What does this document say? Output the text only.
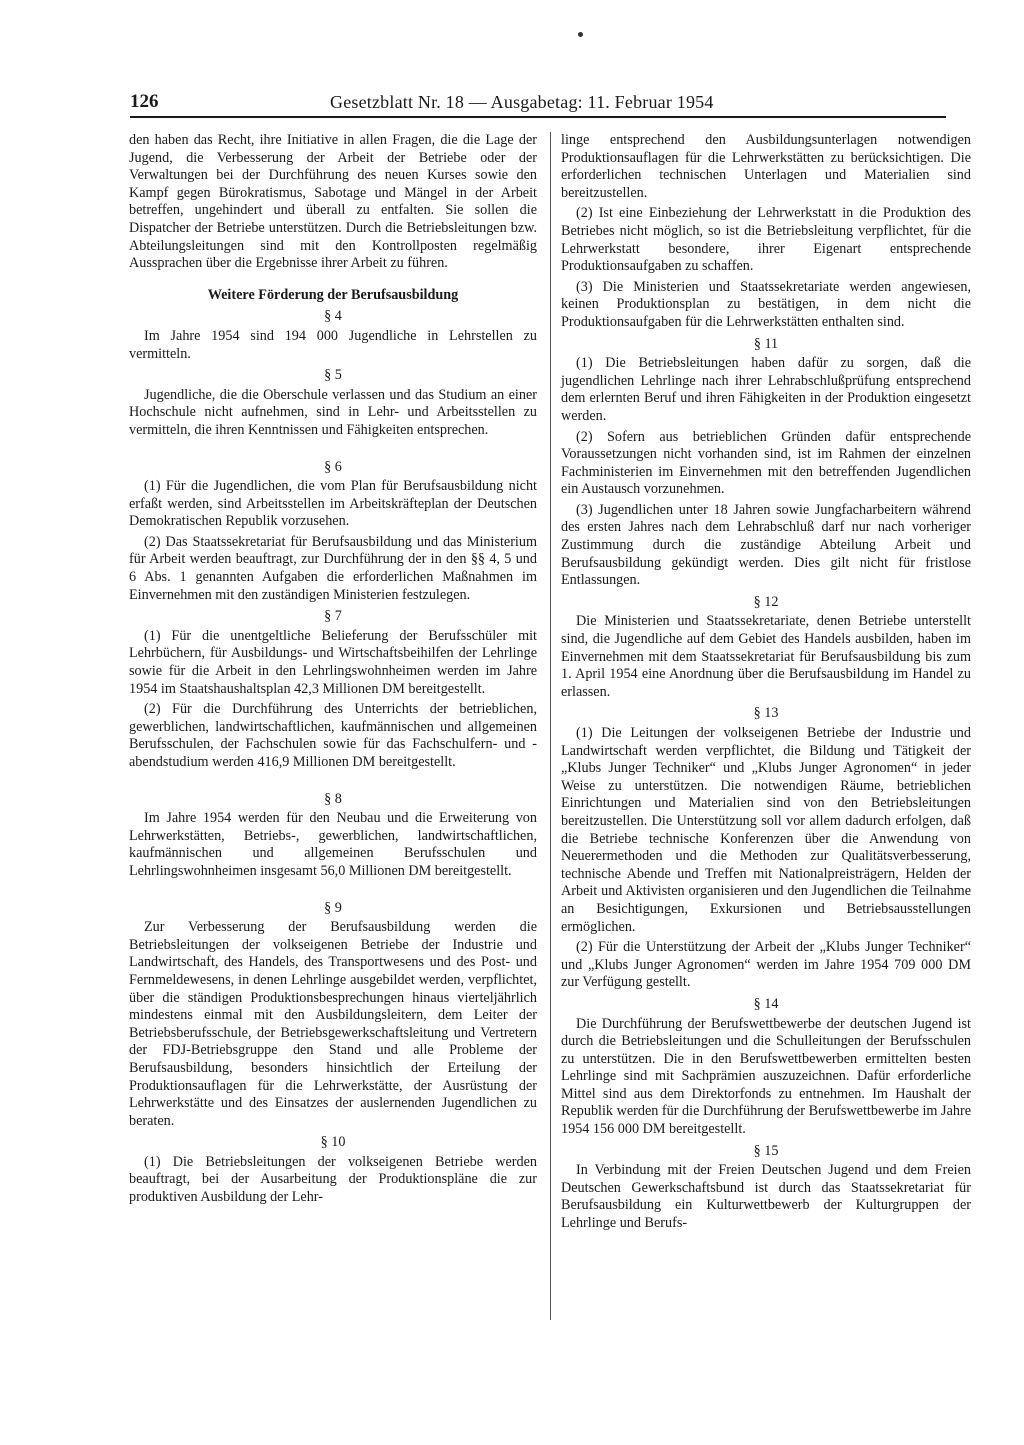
126	Gesetzblatt Nr. 18 — Ausgabetag: 11. Februar 1954

den haben das Recht, ihre Initiative in allen Fragen, die die Lage der Jugend, die Verbesserung der Arbeit der Betriebe oder der Verwaltungen bei der Durchführung des neuen Kurses sowie den Kampf gegen Bürokratismus, Sabotage und Mängel in der Arbeit betreffen, ungehindert und überall zu entfalten. Sie sollen die Dispatcher der Betriebe unterstützen. Durch die Betriebsleitungen bzw. Abteilungsleitungen sind mit den Kontrollposten regelmäßig Aussprachen über die Ergebnisse ihrer Arbeit zu führen.

Weitere Förderung der Berufsausbildung
§ 4

Im Jahre 1954 sind 194 000 Jugendliche in Lehrstellen zu vermitteln.

§ 5

Jugendliche, die die Oberschule verlassen und das Studium an einer Hochschule nicht aufnehmen, sind in Lehr- und Arbeitsstellen zu vermitteln, die ihren Kenntnissen und Fähigkeiten entsprechen.

§ 6

(1) Für die Jugendlichen, die vom Plan für Berufsausbildung nicht erfaßt werden, sind Arbeitsstellen im Arbeitskräfteplan der Deutschen Demokratischen Republik vorzusehen.

(2) Das Staatssekretariat für Berufsausbildung und das Ministerium für Arbeit werden beauftragt, zur Durchführung der in den §§ 4, 5 und 6 Abs. 1 genannten Aufgaben die erforderlichen Maßnahmen im Einvernehmen mit den zuständigen Ministerien festzulegen.

§ 7

(1) Für die unentgeltliche Belieferung der Berufsschüler mit Lehrbüchern, für Ausbildungs- und Wirtschaftsbeihilfen der Lehrlinge sowie für die Arbeit in den Lehrlingswohnheimen werden im Jahre 1954 im Staatshaushaltsplan 42,3 Millionen DM bereitgestellt.

(2) Für die Durchführung des Unterrichts der betrieblichen, gewerblichen, landwirtschaftlichen, kaufmännischen und allgemeinen Berufsschulen, der Fachschulen sowie für das Fachschulfern- und -abendstudium werden 416,9 Millionen DM bereitgestellt.

§ 8

Im Jahre 1954 werden für den Neubau und die Erweiterung von Lehrwerkstätten, Betriebs-, gewerblichen, landwirtschaftlichen, kaufmännischen und allgemeinen Berufsschulen und Lehrlingswohnheimen insgesamt 56,0 Millionen DM bereitgestellt.

§ 9

Zur Verbesserung der Berufsausbildung werden die Betriebsleitungen der volkseigenen Betriebe der Industrie und Landwirtschaft, des Handels, des Transportwesens und des Post- und Fernmeldewesens, in denen Lehrlinge ausgebildet werden, verpflichtet, über die ständigen Produktionsbesprechungen hinaus vierteljährlich mindestens einmal mit den Ausbildungsleitern, dem Leiter der Betriebsberufsschule, der Betriebsgewerkschaftsleitung und Vertretern der FDJ-Betriebsgruppe den Stand und alle Probleme der Berufsausbildung, besonders hinsichtlich der Erteilung der Produktionsauflagen für die Lehrwerkstätte, der Ausrüstung der Lehrwerkstätte und des Einsatzes der auslernenden Jugendlichen zu beraten.

§ 10

(1) Die Betriebsleitungen der volkseigenen Betriebe werden beauftragt, bei der Ausarbeitung der Produktionspläne die zur produktiven Ausbildung der Lehr-

linge entsprechend den Ausbildungsunterlagen notwendigen Produktionsauflagen für die Lehrwerkstätten zu berücksichtigen. Die erforderlichen technischen Unterlagen und Materialien sind bereitzustellen.

(2) Ist eine Einbeziehung der Lehrwerkstatt in die Produktion des Betriebes nicht möglich, so ist die Betriebsleitung verpflichtet, für die Lehrwerkstatt besondere, ihrer Eigenart entsprechende Produktionsaufgaben zu schaffen.

(3) Die Ministerien und Staatssekretariate werden angewiesen, keinen Produktionsplan zu bestätigen, in dem nicht die Produktionsaufgaben für die Lehrwerkstätten enthalten sind.

§ 11

(1) Die Betriebsleitungen haben dafür zu sorgen, daß die jugendlichen Lehrlinge nach ihrer Lehrabschlußprüfung entsprechend dem erlernten Beruf und ihren Fähigkeiten in der Produktion eingesetzt werden.

(2) Sofern aus betrieblichen Gründen dafür entsprechende Voraussetzungen nicht vorhanden sind, ist im Rahmen der einzelnen Fachministerien im Einvernehmen mit den betreffenden Jugendlichen ein Austausch vorzunehmen.

(3) Jugendlichen unter 18 Jahren sowie Jungfacharbeitern während des ersten Jahres nach dem Lehrabschluß darf nur nach vorheriger Zustimmung durch die zuständige Abteilung Arbeit und Berufsausbildung gekündigt werden. Dies gilt nicht für fristlose Entlassungen.

§ 12

Die Ministerien und Staatssekretariate, denen Betriebe unterstellt sind, die Jugendliche auf dem Gebiet des Handels ausbilden, haben im Einvernehmen mit dem Staatssekretariat für Berufsausbildung bis zum 1. April 1954 eine Anordnung über die Berufsausbildung im Handel zu erlassen.

§ 13

(1) Die Leitungen der volkseigenen Betriebe der Industrie und Landwirtschaft werden verpflichtet, die Bildung und Tätigkeit der „Klubs Junger Techniker“ und „Klubs Junger Agronomen“ in jeder Weise zu unterstützen. Die notwendigen Räume, betrieblichen Einrichtungen und Materialien sind von den Betriebsleitungen bereitzustellen. Die Unterstützung soll vor allem dadurch erfolgen, daß die Betriebe technische Konferenzen über die Anwendung von Neuerermethoden und die Methoden zur Qualitätsverbesserung, technische Abende und Treffen mit Nationalpreisträgern, Helden der Arbeit und Aktivisten organisieren und den Jugendlichen die Teilnahme an Besichtigungen, Exkursionen und Betriebsausstellungen ermöglichen.

(2) Für die Unterstützung der Arbeit der „Klubs Junger Techniker“ und „Klubs Junger Agronomen“ werden im Jahre 1954 709 000 DM zur Verfügung gestellt.

§ 14

Die Durchführung der Berufswettbewerbe der deutschen Jugend ist durch die Betriebsleitungen und die Schulleitungen der Berufsschulen zu unterstützen. Die in den Berufswettbewerben ermittelten besten Lehrlinge sind mit Sachprämien auszuzeichnen. Dafür erforderliche Mittel sind aus dem Direktorfonds zu entnehmen. Im Haushalt der Republik werden für die Durchführung der Berufswettbewerbe im Jahre 1954 156 000 DM bereitgestellt.

§ 15

In Verbindung mit der Freien Deutschen Jugend und dem Freien Deutschen Gewerkschaftsbund ist durch das Staatssekretariat für Berufsausbildung ein Kulturwettbewerb der Kulturgruppen der Lehrlinge und Berufs-
